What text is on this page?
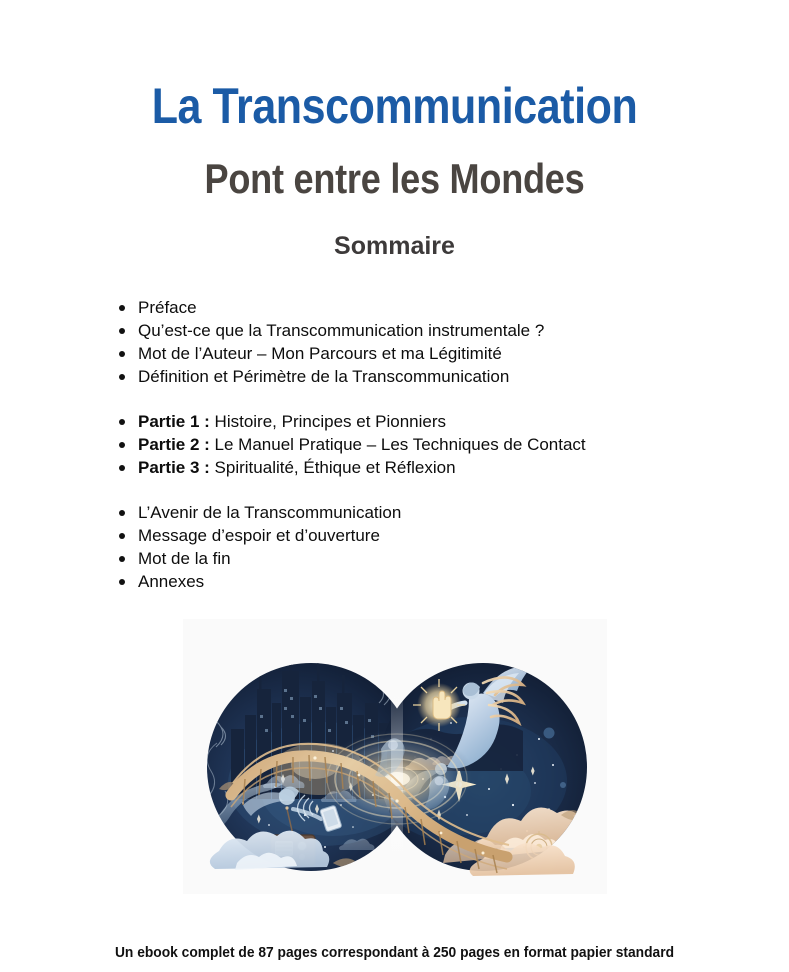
La Transcommunication
Pont entre les Mondes
Sommaire
Préface
Qu’est-ce que la Transcommunication instrumentale ?
Mot de l’Auteur – Mon Parcours et ma Légitimité
Définition et Périmètre de la Transcommunication
Partie 1 : Histoire, Principes et Pionniers
Partie 2 : Le Manuel Pratique – Les Techniques de Contact
Partie 3 : Spiritualité, Éthique et Réflexion
L’Avenir de la Transcommunication
Message d’espoir et d’ouverture
Mot de la fin
Annexes

Un ebook complet de 87 pages correspondant à 250 pages en format papier standard
